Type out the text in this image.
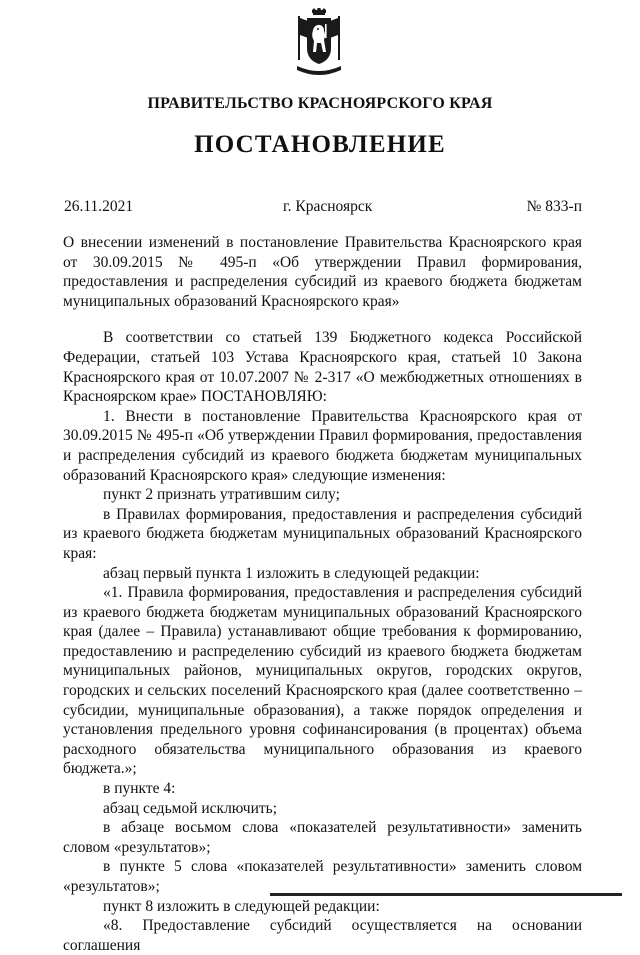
ПРАВИТЕЛЬСТВО КРАСНОЯРСКОГО КРАЯ
ПОСТАНОВЛЕНИЕ
26.11.2021	г. Красноярск	№ 833-п

О внесении изменений в постановление Правительства Красноярского края от 30.09.2015 № 495-п «Об утверждении Правил формирования, предоставления и распределения субсидий из краевого бюджета бюджетам муниципальных образований Красноярского края»

В соответствии со статьей 139 Бюджетного кодекса Российской Федерации, статьей 103 Устава Красноярского края, статьей 10 Закона Красноярского края от 10.07.2007 № 2-317 «О межбюджетных отношениях в Красноярском крае» ПОСТАНОВЛЯЮ:

1. Внести в постановление Правительства Красноярского края от 30.09.2015 № 495-п «Об утверждении Правил формирования, предоставления и распределения субсидий из краевого бюджета бюджетам муниципальных образований Красноярского края» следующие изменения:

пункт 2 признать утратившим силу;

в Правилах формирования, предоставления и распределения субсидий из краевого бюджета бюджетам муниципальных образований Красноярского края:

абзац первый пункта 1 изложить в следующей редакции:

«1. Правила формирования, предоставления и распределения субсидий из краевого бюджета бюджетам муниципальных образований Красноярского края (далее – Правила) устанавливают общие требования к формированию, предоставлению и распределению субсидий из краевого бюджета бюджетам муниципальных районов, муниципальных округов, городских округов, городских и сельских поселений Красноярского края (далее соответственно – субсидии, муниципальные образования), а также порядок определения и установления предельного уровня софинансирования (в процентах) объема расходного обязательства муниципального образования из краевого бюджета.»;

в пункте 4:

абзац седьмой исключить;

в абзаце восьмом слова «показателей результативности» заменить словом «результатов»;

в пункте 5 слова «показателей результативности» заменить словом «результатов»;

пункт 8 изложить в следующей редакции:

«8. Предоставление субсидий осуществляется на основании соглашения
